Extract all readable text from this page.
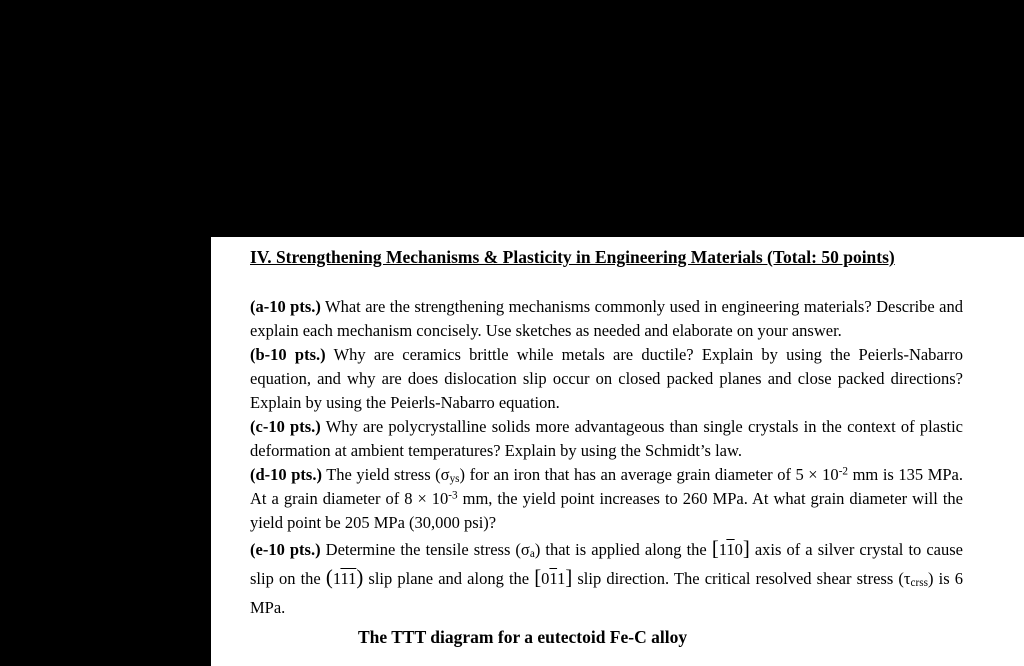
IV. Strengthening Mechanisms & Plasticity in Engineering Materials (Total: 50 points)

(a-10 pts.) What are the strengthening mechanisms commonly used in engineering materials? Describe and explain each mechanism concisely. Use sketches as needed and elaborate on your answer.

(b-10 pts.) Why are ceramics brittle while metals are ductile? Explain by using the Peierls-Nabarro equation, and why are does dislocation slip occur on closed packed planes and close packed directions? Explain by using the Peierls-Nabarro equation.

(c-10 pts.) Why are polycrystalline solids more advantageous than single crystals in the context of plastic deformation at ambient temperatures? Explain by using the Schmidt’s law.

(d-10 pts.) The yield stress $(\sigma_{ys})$ for an iron that has an average grain diameter of $5 \times 10^{-2}$ mm is 135 MPa. At a grain diameter of $8 \times 10^{-3}$ mm, the yield point increases to 260 MPa. At what grain diameter will the yield point be 205 MPa (30,000 psi)?

(e-10 pts.) Determine the tensile stress $(\sigma_a)$ that is applied along the [110] axis of a silver crystal to cause slip on the (111) slip plane and along the [011] slip direction. The critical resolved shear stress $(\tau_{crss})$ is 6 MPa.

The TTT diagram for a eutectoid Fe-C alloy
